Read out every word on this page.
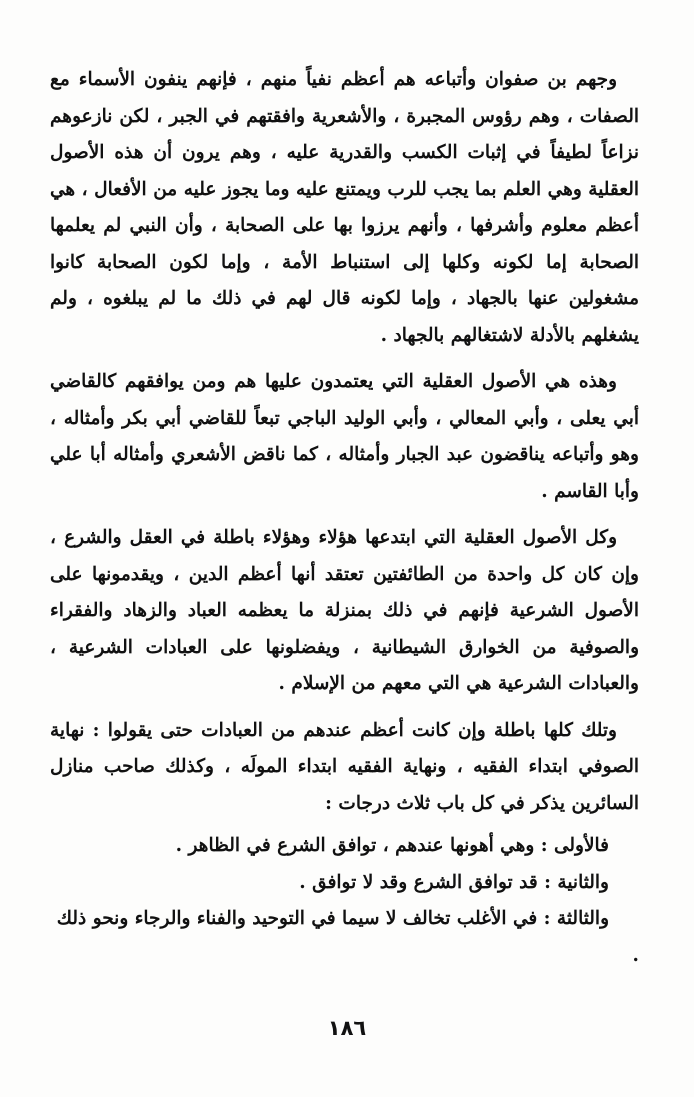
وجهم بن صفوان وأتباعه هم أعظم نفياً منهم ، فإنهم ينفون الأسماء مع الصفات ، وهم رؤوس المجبرة ، والأشعرية وافقتهم في الجبر ، لكن نازعوهم نزاعاً لطيفاً في إثبات الكسب والقدرية عليه ، وهم يرون أن هذه الأصول العقلية وهي العلم بما يجب للرب ويمتنع عليه وما يجوز عليه من الأفعال ، هي أعظم معلوم وأشرفها ، وأنهم يرزوا بها على الصحابة ، وأن النبي لم يعلمها الصحابة إما لكونه وكلها إلى استنباط الأمة ، وإما لكون الصحابة كانوا مشغولين عنها بالجهاد ، وإما لكونه قال لهم في ذلك ما لم يبلغوه ، ولم يشغلهم بالأدلة لاشتغالهم بالجهاد .

وهذه هي الأصول العقلية التي يعتمدون عليها هم ومن يوافقهم كالقاضي أبي يعلى ، وأبي المعالي ، وأبي الوليد الباجي تبعاً للقاضي أبي بكر وأمثاله ، وهو وأتباعه يناقضون عبد الجبار وأمثاله ، كما ناقض الأشعري وأمثاله أبا علي وأبا القاسم .

وكل الأصول العقلية التي ابتدعها هؤلاء وهؤلاء باطلة في العقل والشرع ، وإن كان كل واحدة من الطائفتين تعتقد أنها أعظم الدين ، ويقدمونها على الأصول الشرعية فإنهم في ذلك بمنزلة ما يعظمه العباد والزهاد والفقراء والصوفية من الخوارق الشيطانية ، ويفضلونها على العبادات الشرعية ، والعبادات الشرعية هي التي معهم من الإسلام .

وتلك كلها باطلة وإن كانت أعظم عندهم من العبادات حتى يقولوا : نهاية الصوفي ابتداء الفقيه ، ونهاية الفقيه ابتداء المولَه ، وكذلك صاحب منازل السائرين يذكر في كل باب ثلاث درجات :

فالأولى : وهي أهونها عندهم ، توافق الشرع في الظاهر .

والثانية : قد توافق الشرع وقد لا توافق .

والثالثة : في الأغلب تخالف لا سيما في التوحيد والفناء والرجاء ونحو ذلك .

١٨٦
